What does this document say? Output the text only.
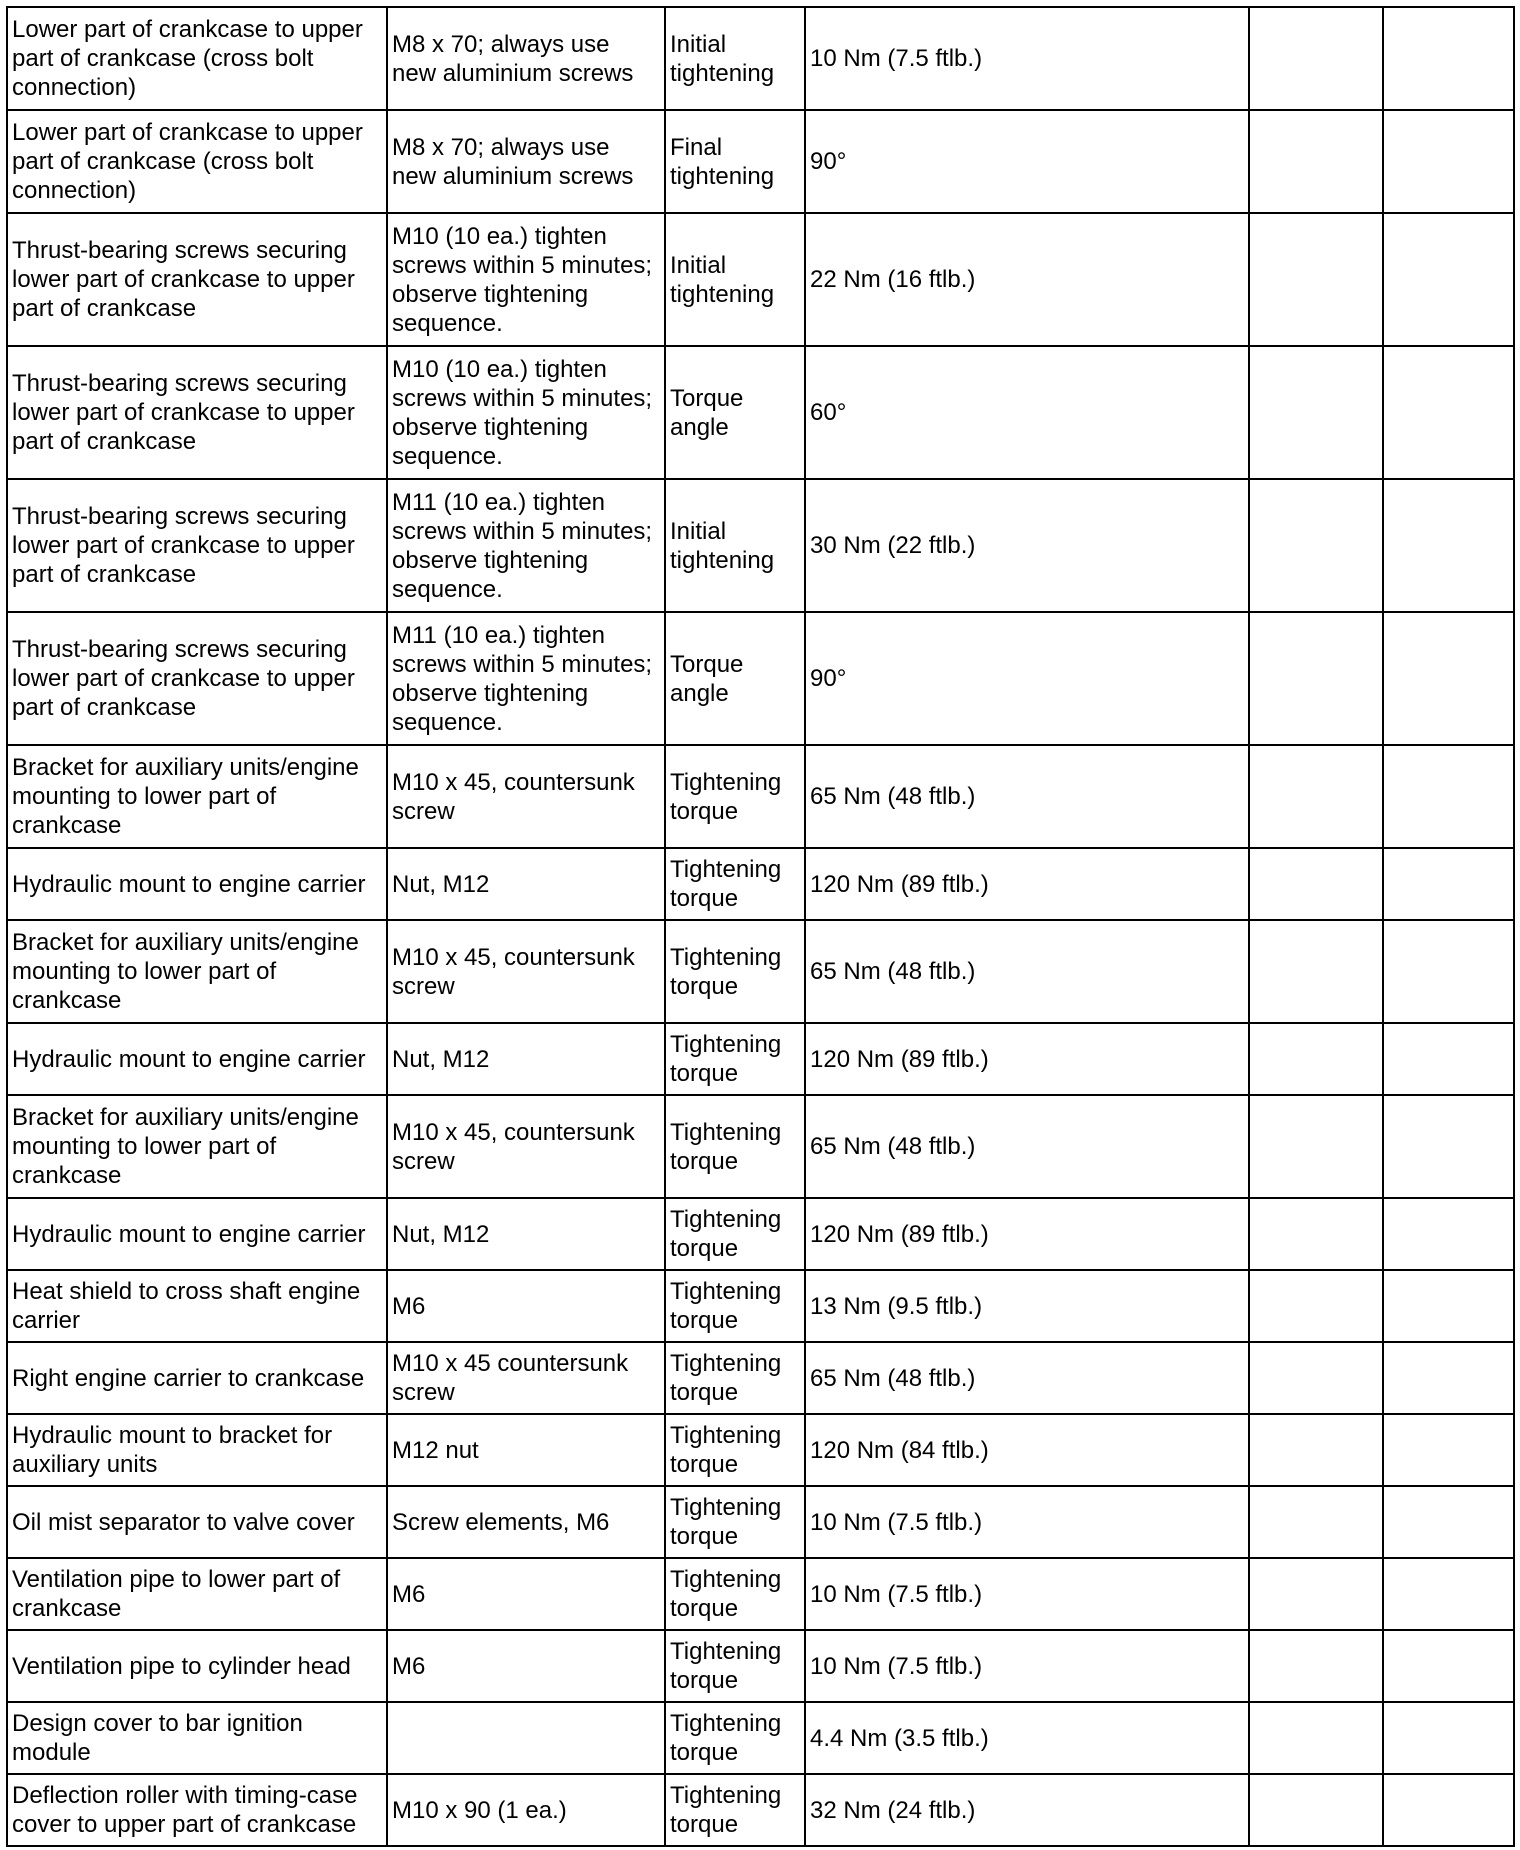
Lower part of crankcase to upper part of crankcase (cross bolt connection)	M8 x 70; always use new aluminium screws	Initial tightening	10 Nm (7.5 ftlb.)		
Lower part of crankcase to upper part of crankcase (cross bolt connection)	M8 x 70; always use new aluminium screws	Final tightening	90°		
Thrust-bearing screws securing lower part of crankcase to upper part of crankcase	M10 (10 ea.) tighten screws within 5 minutes; observe tightening sequence.	Initial tightening	22 Nm (16 ftlb.)		
Thrust-bearing screws securing lower part of crankcase to upper part of crankcase	M10 (10 ea.) tighten screws within 5 minutes; observe tightening sequence.	Torque angle	60°		
Thrust-bearing screws securing lower part of crankcase to upper part of crankcase	M11 (10 ea.) tighten screws within 5 minutes; observe tightening sequence.	Initial tightening	30 Nm (22 ftlb.)		
Thrust-bearing screws securing lower part of crankcase to upper part of crankcase	M11 (10 ea.) tighten screws within 5 minutes; observe tightening sequence.	Torque angle	90°		
Bracket for auxiliary units/engine mounting to lower part of crankcase	M10 x 45, countersunk screw	Tightening torque	65 Nm (48 ftlb.)		
Hydraulic mount to engine carrier	Nut, M12	Tightening torque	120 Nm (89 ftlb.)		
Bracket for auxiliary units/engine mounting to lower part of crankcase	M10 x 45, countersunk screw	Tightening torque	65 Nm (48 ftlb.)		
Hydraulic mount to engine carrier	Nut, M12	Tightening torque	120 Nm (89 ftlb.)		
Bracket for auxiliary units/engine mounting to lower part of crankcase	M10 x 45, countersunk screw	Tightening torque	65 Nm (48 ftlb.)		
Hydraulic mount to engine carrier	Nut, M12	Tightening torque	120 Nm (89 ftlb.)		
Heat shield to cross shaft engine carrier	M6	Tightening torque	13 Nm (9.5 ftlb.)		
Right engine carrier to crankcase	M10 x 45 countersunk screw	Tightening torque	65 Nm (48 ftlb.)		
Hydraulic mount to bracket for auxiliary units	M12 nut	Tightening torque	120 Nm (84 ftlb.)		
Oil mist separator to valve cover	Screw elements, M6	Tightening torque	10 Nm (7.5 ftlb.)		
Ventilation pipe to lower part of crankcase	M6	Tightening torque	10 Nm (7.5 ftlb.)		
Ventilation pipe to cylinder head	M6	Tightening torque	10 Nm (7.5 ftlb.)		
Design cover to bar ignition module		Tightening torque	4.4 Nm (3.5 ftlb.)		
Deflection roller with timing-case cover to upper part of crankcase	M10 x 90 (1 ea.)	Tightening torque	32 Nm (24 ftlb.)		
